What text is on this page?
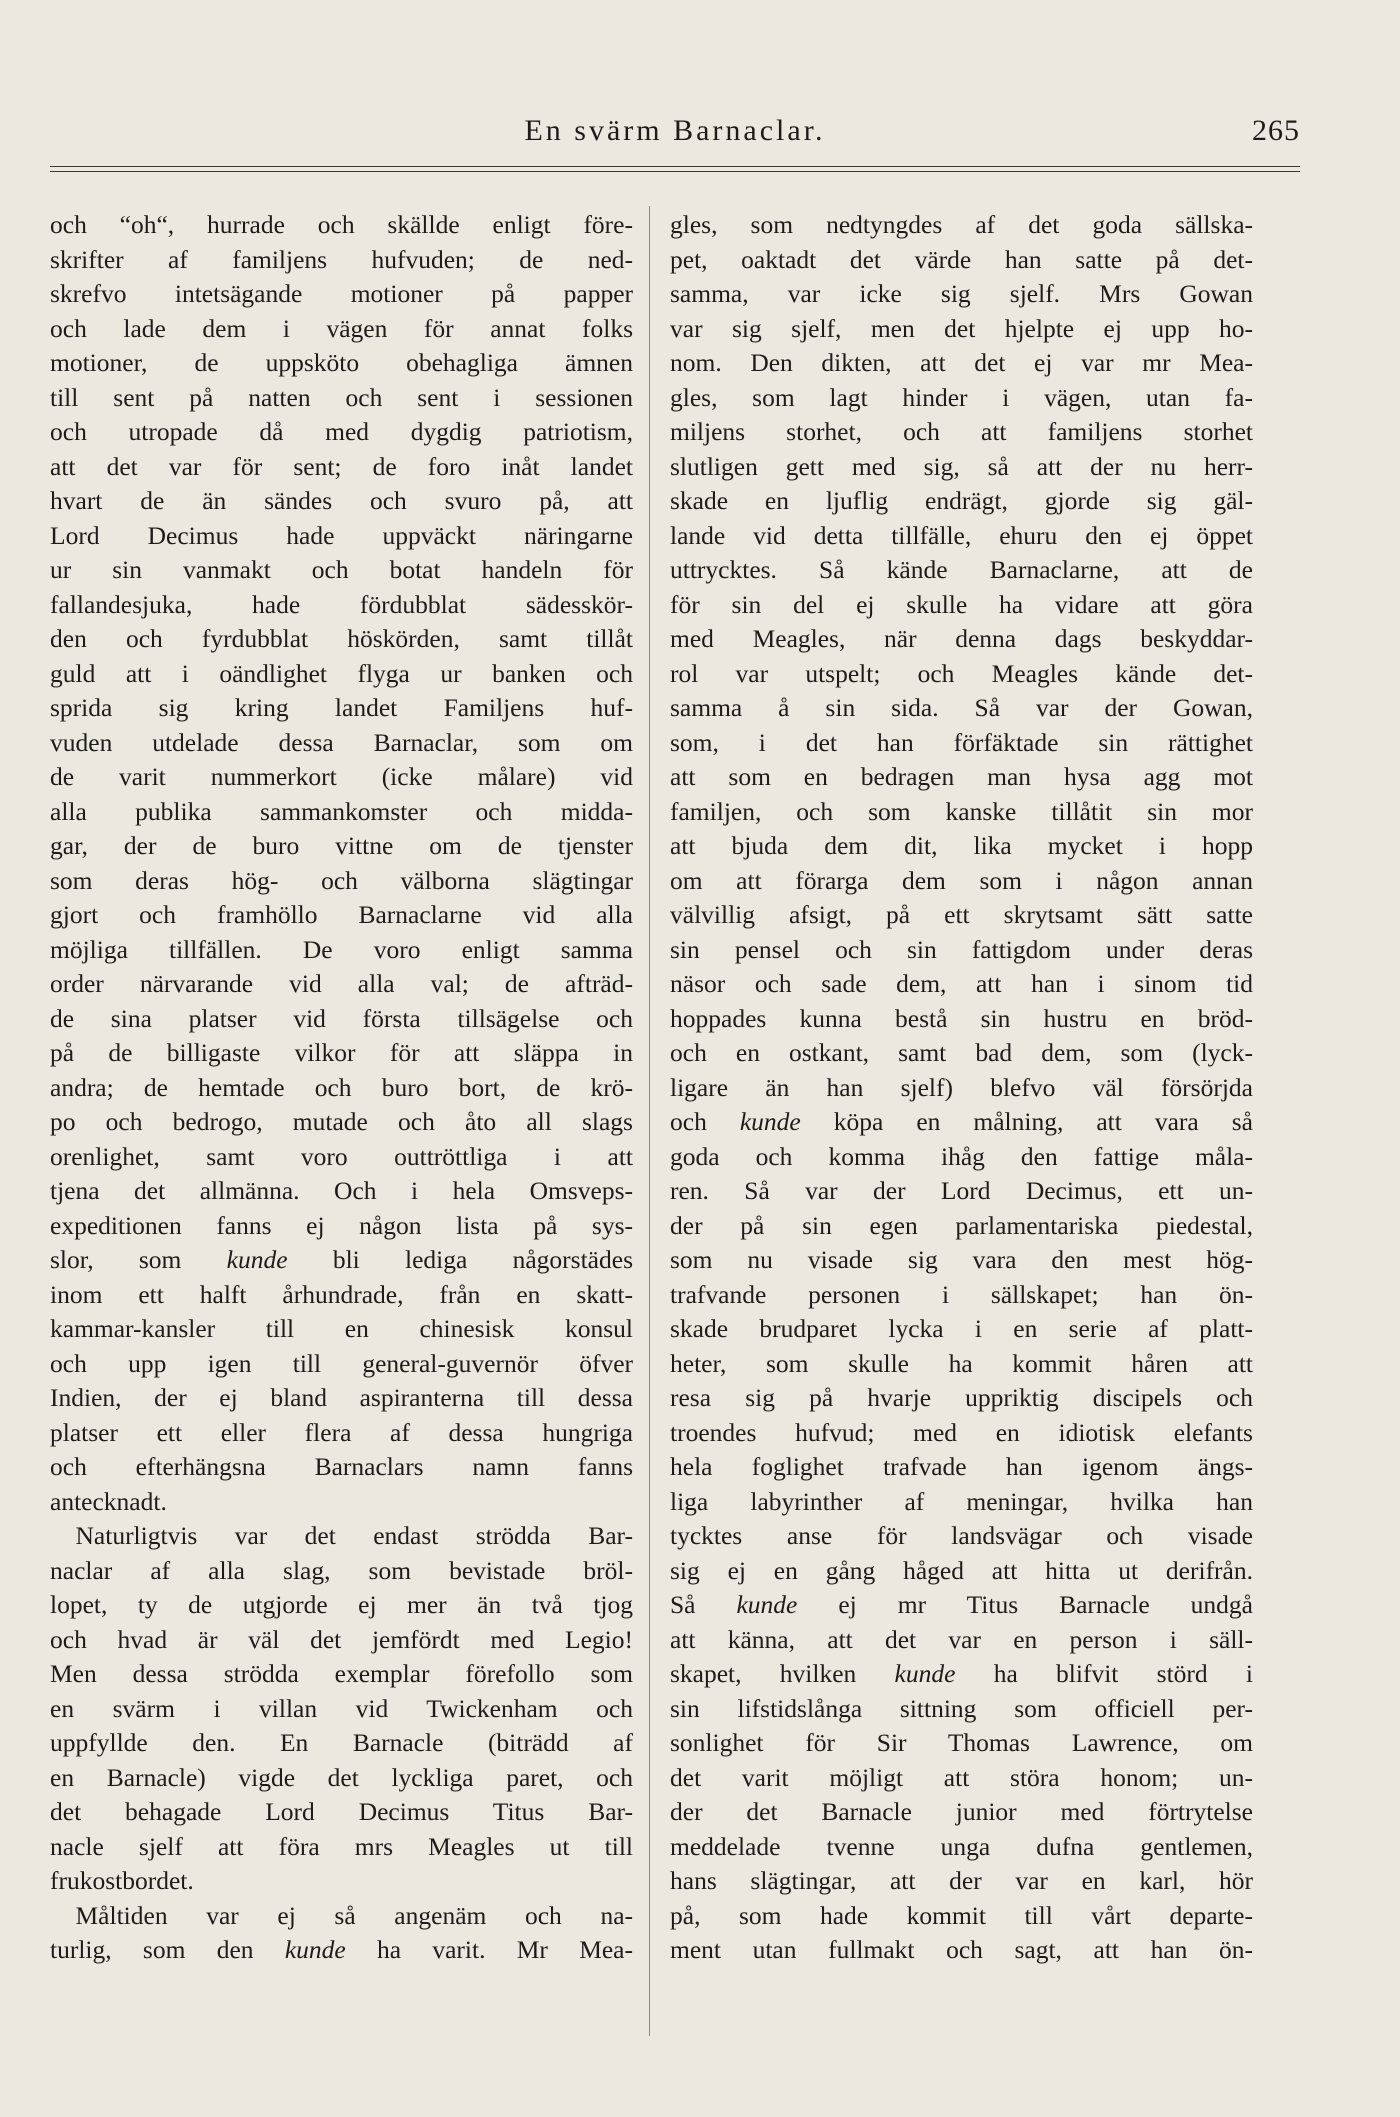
En svärm Barnaclar.	265
och “oh“, hurrade och skällde enligt före-
skrifter af familjens hufvuden; de ned-
skrefvo intetsägande motioner på papper
och lade dem i vägen för annat folks
motioner, de uppsköto obehagliga ämnen
till sent på natten och sent i sessionen
och utropade då med dygdig patriotism,
att det var för sent; de foro inåt landet
hvart de än sändes och svuro på, att
Lord Decimus hade uppväckt näringarne
ur sin vanmakt och botat handeln för
fallandesjuka, hade fördubblat sädesskör-
den och fyrdubblat höskörden, samt tillåt
guld att i oändlighet flyga ur banken och
sprida sig kring landet Familjens huf-
vuden utdelade dessa Barnaclar, som om
de varit nummerkort (icke målare) vid
alla publika sammankomster och midda-
gar, der de buro vittne om de tjenster
som deras hög- och välborna slägtingar
gjort och framhöllo Barnaclarne vid alla
möjliga tillfällen. De voro enligt samma
order närvarande vid alla val; de afträd-
de sina platser vid första tillsägelse och
på de billigaste vilkor för att släppa in
andra; de hemtade och buro bort, de krö-
po och bedrogo, mutade och åto all slags
orenlighet, samt voro outtröttliga i att
tjena det allmänna. Och i hela Omsveps-
expeditionen fanns ej någon lista på sys-
slor, som kunde bli lediga någorstädes
inom ett halft århundrade, från en skatt-
kammar-kansler till en chinesisk konsul
och upp igen till general-guvernör öfver
Indien, der ej bland aspiranterna till dessa
platser ett eller flera af dessa hungriga
och efterhängsna Barnaclars namn fanns
antecknadt.
 Naturligtvis var det endast strödda Bar-
naclar af alla slag, som bevistade bröl-
lopet, ty de utgjorde ej mer än två tjog
och hvad är väl det jemfördt med Legio!
Men dessa strödda exemplar förefollo som
en svärm i villan vid Twickenham och
uppfyllde den. En Barnacle (biträdd af
en Barnacle) vigde det lyckliga paret, och
det behagade Lord Decimus Titus Bar-
nacle sjelf att föra mrs Meagles ut till
frukostbordet.
 Måltiden var ej så angenäm och na-
turlig, som den kunde ha varit. Mr Mea-
gles, som nedtyngdes af det goda sällska-
pet, oaktadt det värde han satte på det-
samma, var icke sig sjelf. Mrs Gowan
var sig sjelf, men det hjelpte ej upp ho-
nom. Den dikten, att det ej var mr Mea-
gles, som lagt hinder i vägen, utan fa-
miljens storhet, och att familjens storhet
slutligen gett med sig, så att der nu herr-
skade en ljuflig endrägt, gjorde sig gäl-
lande vid detta tillfälle, ehuru den ej öppet
uttrycktes. Så kände Barnaclarne, att de
för sin del ej skulle ha vidare att göra
med Meagles, när denna dags beskyddar-
rol var utspelt; och Meagles kände det-
samma å sin sida. Så var der Gowan,
som, i det han förfäktade sin rättighet
att som en bedragen man hysa agg mot
familjen, och som kanske tillåtit sin mor
att bjuda dem dit, lika mycket i hopp
om att förarga dem som i någon annan
välvillig afsigt, på ett skrytsamt sätt satte
sin pensel och sin fattigdom under deras
näsor och sade dem, att han i sinom tid
hoppades kunna bestå sin hustru en bröd-
och en ostkant, samt bad dem, som (lyck-
ligare än han sjelf) blefvo väl försörjda
och kunde köpa en målning, att vara så
goda och komma ihåg den fattige måla-
ren. Så var der Lord Decimus, ett un-
der på sin egen parlamentariska piedestal,
som nu visade sig vara den mest hög-
trafvande personen i sällskapet; han ön-
skade brudparet lycka i en serie af platt-
heter, som skulle ha kommit håren att
resa sig på hvarje uppriktig discipels och
troendes hufvud; med en idiotisk elefants
hela foglighet trafvade han igenom ängs-
liga labyrinther af meningar, hvilka han
tycktes anse för landsvägar och visade
sig ej en gång håged att hitta ut derifrån.
Så kunde ej mr Titus Barnacle undgå
att känna, att det var en person i säll-
skapet, hvilken kunde ha blifvit störd i
sin lifstidslånga sittning som officiell per-
sonlighet för Sir Thomas Lawrence, om
det varit möjligt att störa honom; un-
der det Barnacle junior med förtrytelse
meddelade tvenne unga dufna gentlemen,
hans slägtingar, att der var en karl, hör
på, som hade kommit till vårt departe-
ment utan fullmakt och sagt, att han ön-
